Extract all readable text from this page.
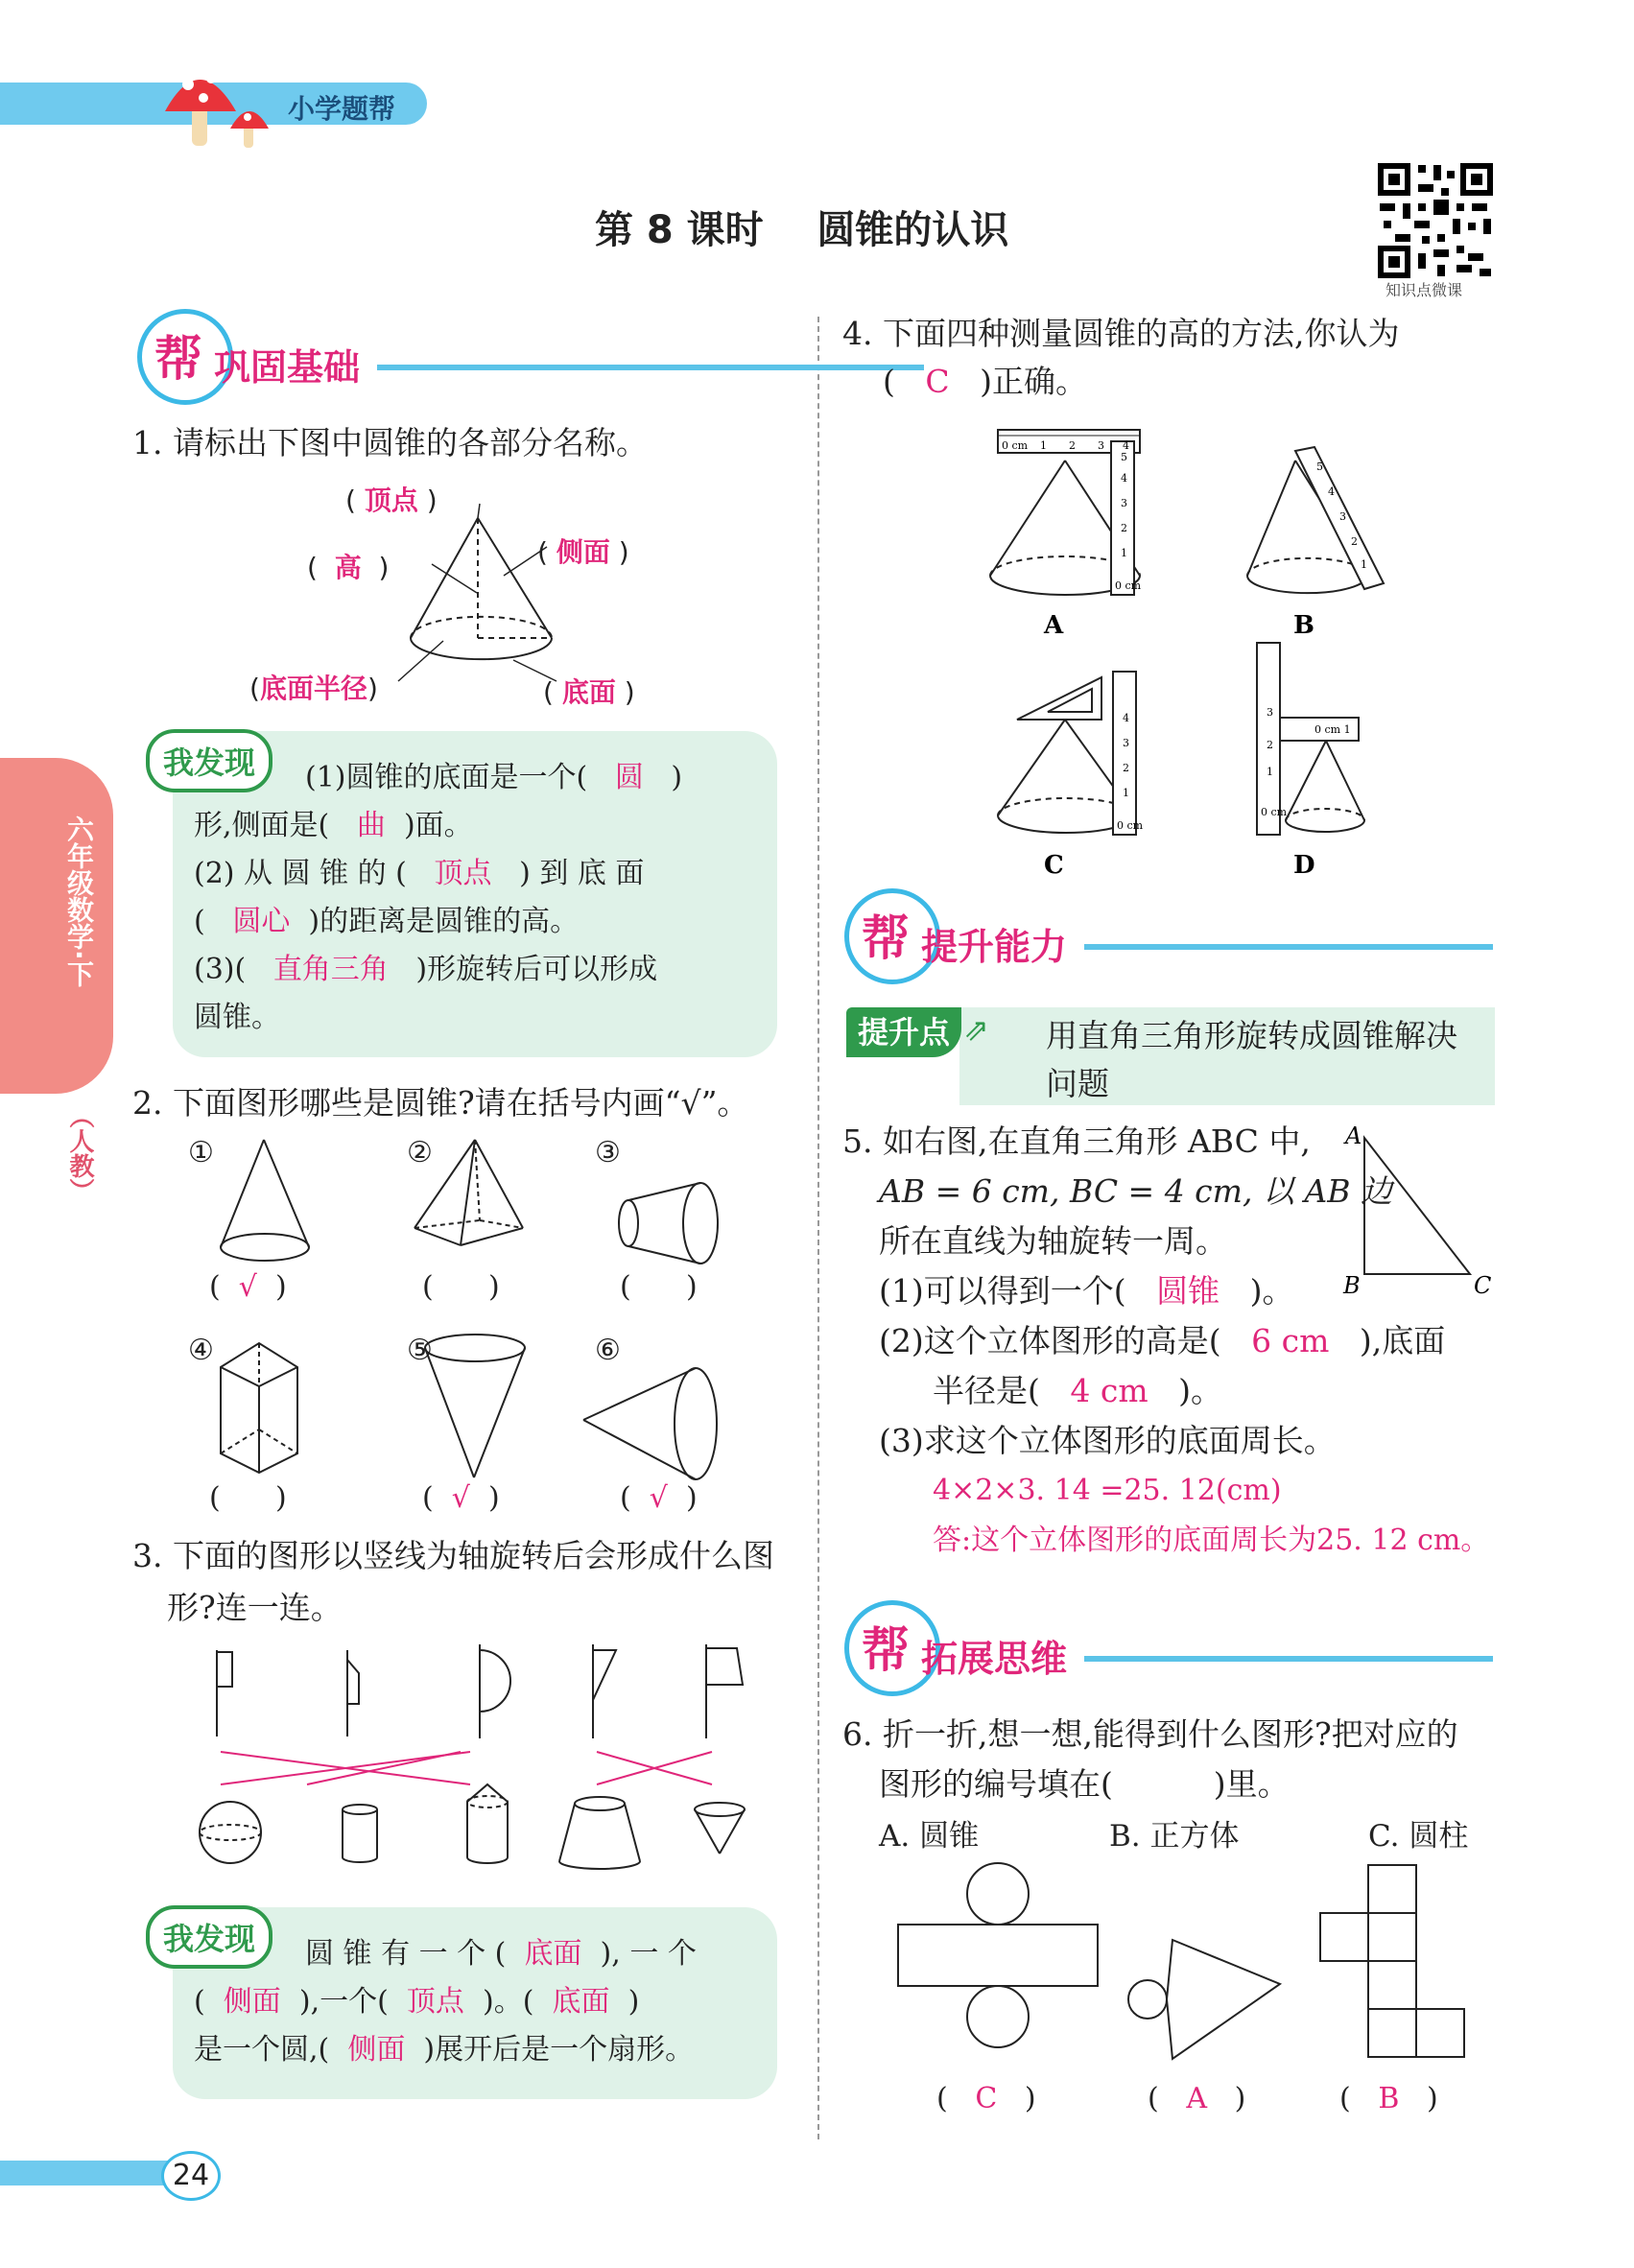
小学题帮
第 8 课时    圆锥的认识
知识点微课
六年级数学·下
（人教）
帮 巩固基础
1. 请标出下图中圆锥的各部分名称。
( 顶点 )
(  高  )	( 侧面 )
(底面半径)	( 底面 )
我发现	(1)圆锥的底面是一个( 圆 )
形,侧面是( 曲 )面。
(2) 从 圆 锥 的 ( 顶点 ) 到 底 面
( 圆心 )的距离是圆锥的高。
(3)( 直角三角 )形旋转后可以形成
圆锥。
2. 下面图形哪些是圆锥?请在括号内画“√”。
①	②	③
④	⑤	⑥
( √ )	( )	( )
( )	( √ )	( √ )
3. 下面的图形以竖线为轴旋转后会形成什么图
形?连一连。
我发现	圆 锥 有 一 个 ( 底面 ), 一 个
( 侧面 ),一个( 顶点 )。( 底面 )
是一个圆,( 侧面 )展开后是一个扇形。
4. 下面四种测量圆锥的高的方法,你认为
( C )正确。
0 cm 1 2 3 4
0 cm
1
2
3
4
5
A
5
4
3
2
1
B
0 cm
1
2
3
4
C
0 cm
1
2
3
0 cm 1
D
帮 提升能力
提升点 ⇗ 用直角三角形旋转成圆锥解决
问题
5. 如右图,在直角三角形 ABC 中,
AB = 6 cm, BC = 4 cm, 以 AB 边
所在直线为轴旋转一周。
A
B	C
(1)可以得到一个( 圆锥 )。
(2)这个立体图形的高是( 6 cm ),底面
半径是( 4 cm )。
(3)求这个立体图形的底面周长。
4×2×3. 14 =25. 12(cm)
答:这个立体图形的底面周长为25. 12 cm。
帮 拓展思维
6. 折一折,想一想,能得到什么图形?把对应的
图形的编号填在(          )里。
A. 圆锥	B. 正方体	C. 圆柱
(   C   )	(   A   )	(   B   )
24
